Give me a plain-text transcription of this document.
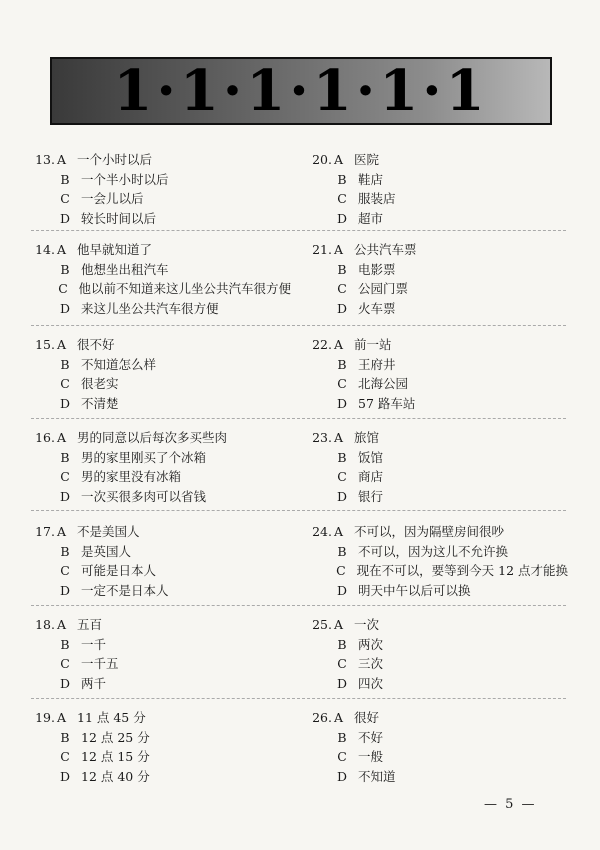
1·1·1·1·1·1
13. A 一个小时以后
B 一个半小时以后
C 一会儿以后
D 较长时间以后
20. A 医院
B 鞋店
C 服装店
D 超市
14. A 他早就知道了
B 他想坐出租汽车
C 他以前不知道来这儿坐公共汽车很方便
D 来这儿坐公共汽车很方便
21. A 公共汽车票
B 电影票
C 公园门票
D 火车票
15. A 很不好
B 不知道怎么样
C 很老实
D 不清楚
22. A 前一站
B 王府井
C 北海公园
D 57 路车站
16. A 男的同意以后每次多买些肉
B 男的家里刚买了个冰箱
C 男的家里没有冰箱
D 一次买很多肉可以省钱
23. A 旅馆
B 饭馆
C 商店
D 银行
17. A 不是美国人
B 是英国人
C 可能是日本人
D 一定不是日本人
24. A 不可以，因为隔壁房间很吵
B 不可以，因为这儿不允许换
C 现在不可以，要等到今天 12 点才能换
D 明天中午以后可以换
18. A 五百
B 一千
C 一千五
D 两千
25. A 一次
B 两次
C 三次
D 四次
19. A 11 点 45 分
B 12 点 25 分
C 12 点 15 分
D 12 点 40 分
26. A 很好
B 不好
C 一般
D 不知道
— 5 —
